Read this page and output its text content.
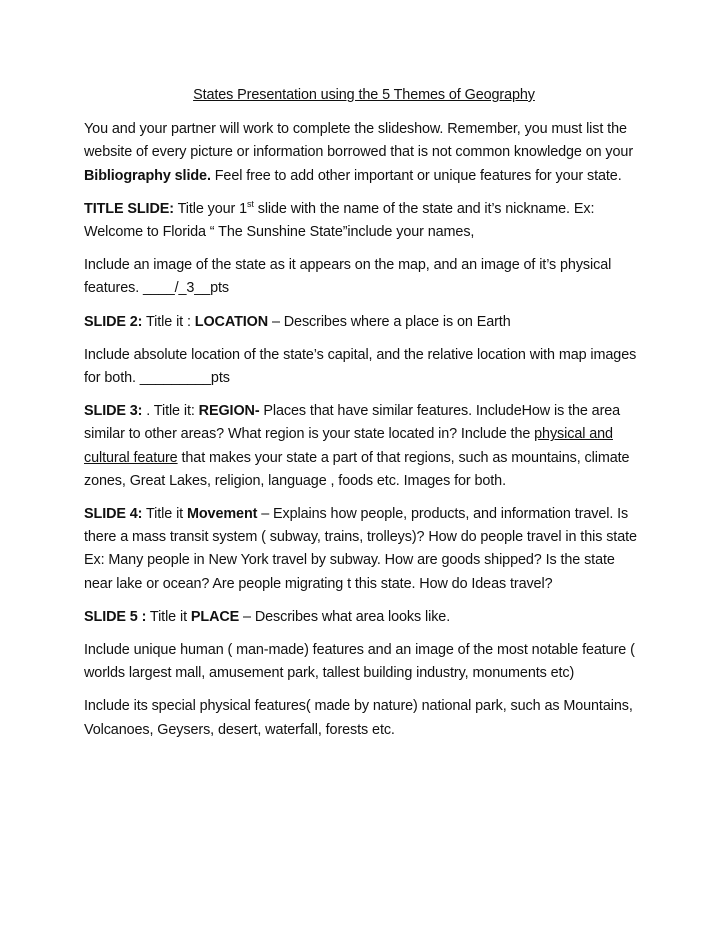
States Presentation using the 5 Themes of Geography

You and your partner will work to complete the slideshow. Remember, you must list the website of every picture or information borrowed that is not common knowledge on your Bibliography slide. Feel free to add other important or unique features for your state.

TITLE SLIDE: Title your 1st slide with the name of the state and it’s nickname. Ex: Welcome to Florida “ The Sunshine State”include your names,

Include an image of the state as it appears on the map, and an image of it’s physical features. ____/_3__pts

SLIDE 2: Title it : LOCATION – Describes where a place is on Earth

Include absolute location of the state’s capital, and the relative location with map images for both. _________pts

SLIDE 3: . Title it: REGION- Places that have similar features. IncludeHow is the area similar to other areas? What region is your state located in? Include the physical and cultural feature that makes your state a part of that regions, such as mountains, climate zones, Great Lakes, religion, language , foods etc. Images for both.

SLIDE 4: Title it Movement – Explains how people, products, and information travel. Is there a mass transit system ( subway, trains, trolleys)? How do people travel in this state Ex: Many people in New York travel by subway. How are goods shipped? Is the state near lake or ocean? Are people migrating t this state. How do Ideas travel?

SLIDE 5 : Title it PLACE – Describes what area looks like.

Include unique human ( man-made) features and an image of the most notable feature ( worlds largest mall, amusement park, tallest building industry, monuments etc)

Include its special physical features( made by nature) national park, such as Mountains, Volcanoes, Geysers, desert, waterfall, forests etc.
